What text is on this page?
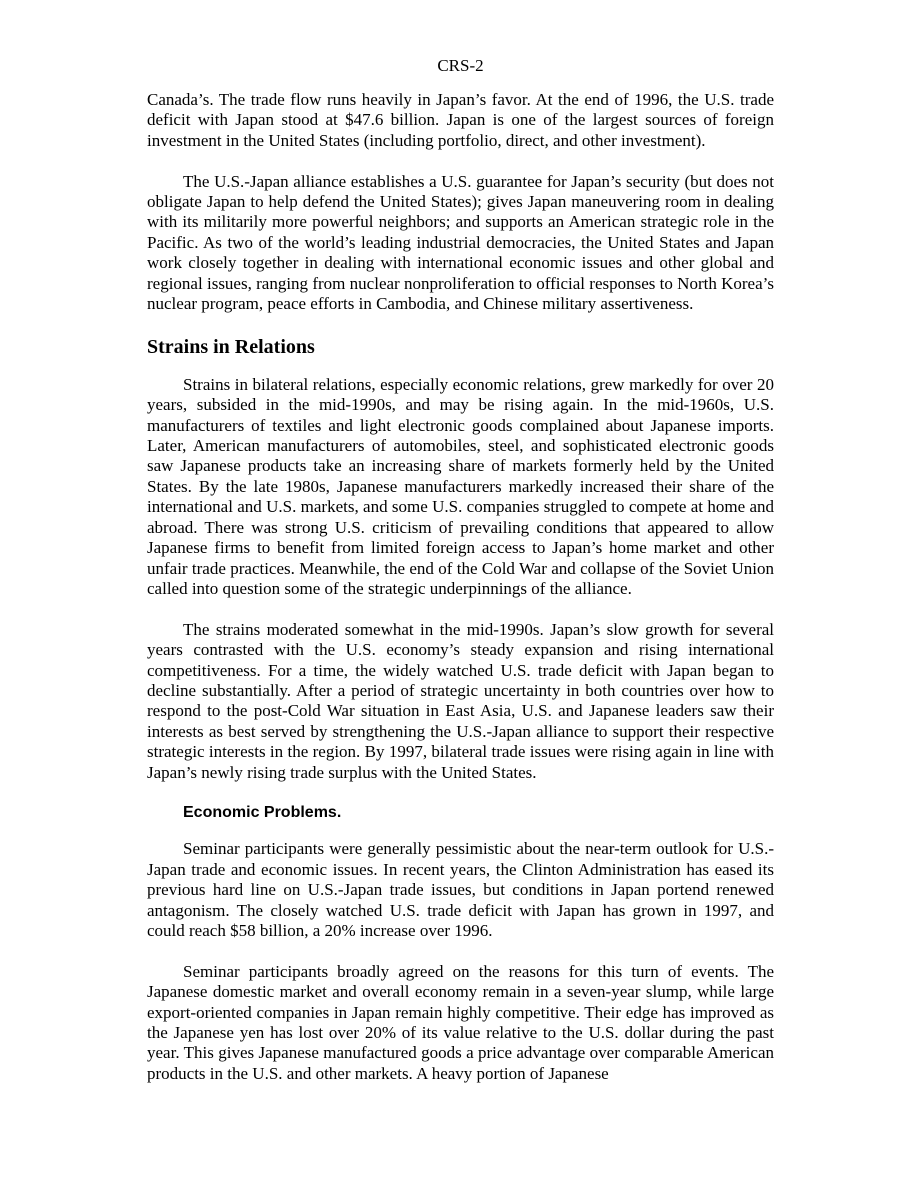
CRS-2

Canada’s. The trade flow runs heavily in Japan’s favor. At the end of 1996, the U.S. trade deficit with Japan stood at $47.6 billion. Japan is one of the largest sources of foreign investment in the United States (including portfolio, direct, and other investment).

The U.S.-Japan alliance establishes a U.S. guarantee for Japan’s security (but does not obligate Japan to help defend the United States); gives Japan maneuvering room in dealing with its militarily more powerful neighbors; and supports an American strategic role in the Pacific. As two of the world’s leading industrial democracies, the United States and Japan work closely together in dealing with international economic issues and other global and regional issues, ranging from nuclear nonproliferation to official responses to North Korea’s nuclear program, peace efforts in Cambodia, and Chinese military assertiveness.

Strains in Relations

Strains in bilateral relations, especially economic relations, grew markedly for over 20 years, subsided in the mid-1990s, and may be rising again. In the mid-1960s, U.S. manufacturers of textiles and light electronic goods complained about Japanese imports. Later, American manufacturers of automobiles, steel, and sophisticated electronic goods saw Japanese products take an increasing share of markets formerly held by the United States. By the late 1980s, Japanese manufacturers markedly increased their share of the international and U.S. markets, and some U.S. companies struggled to compete at home and abroad. There was strong U.S. criticism of prevailing conditions that appeared to allow Japanese firms to benefit from limited foreign access to Japan’s home market and other unfair trade practices. Meanwhile, the end of the Cold War and collapse of the Soviet Union called into question some of the strategic underpinnings of the alliance.

The strains moderated somewhat in the mid-1990s. Japan’s slow growth for several years contrasted with the U.S. economy’s steady expansion and rising international competitiveness. For a time, the widely watched U.S. trade deficit with Japan began to decline substantially. After a period of strategic uncertainty in both countries over how to respond to the post-Cold War situation in East Asia, U.S. and Japanese leaders saw their interests as best served by strengthening the U.S.-Japan alliance to support their respective strategic interests in the region. By 1997, bilateral trade issues were rising again in line with Japan’s newly rising trade surplus with the United States.

Economic Problems.

Seminar participants were generally pessimistic about the near-term outlook for U.S.-Japan trade and economic issues. In recent years, the Clinton Administration has eased its previous hard line on U.S.-Japan trade issues, but conditions in Japan portend renewed antagonism. The closely watched U.S. trade deficit with Japan has grown in 1997, and could reach $58 billion, a 20% increase over 1996.

Seminar participants broadly agreed on the reasons for this turn of events. The Japanese domestic market and overall economy remain in a seven-year slump, while large export-oriented companies in Japan remain highly competitive. Their edge has improved as the Japanese yen has lost over 20% of its value relative to the U.S. dollar during the past year. This gives Japanese manufactured goods a price advantage over comparable American products in the U.S. and other markets. A heavy portion of Japanese
